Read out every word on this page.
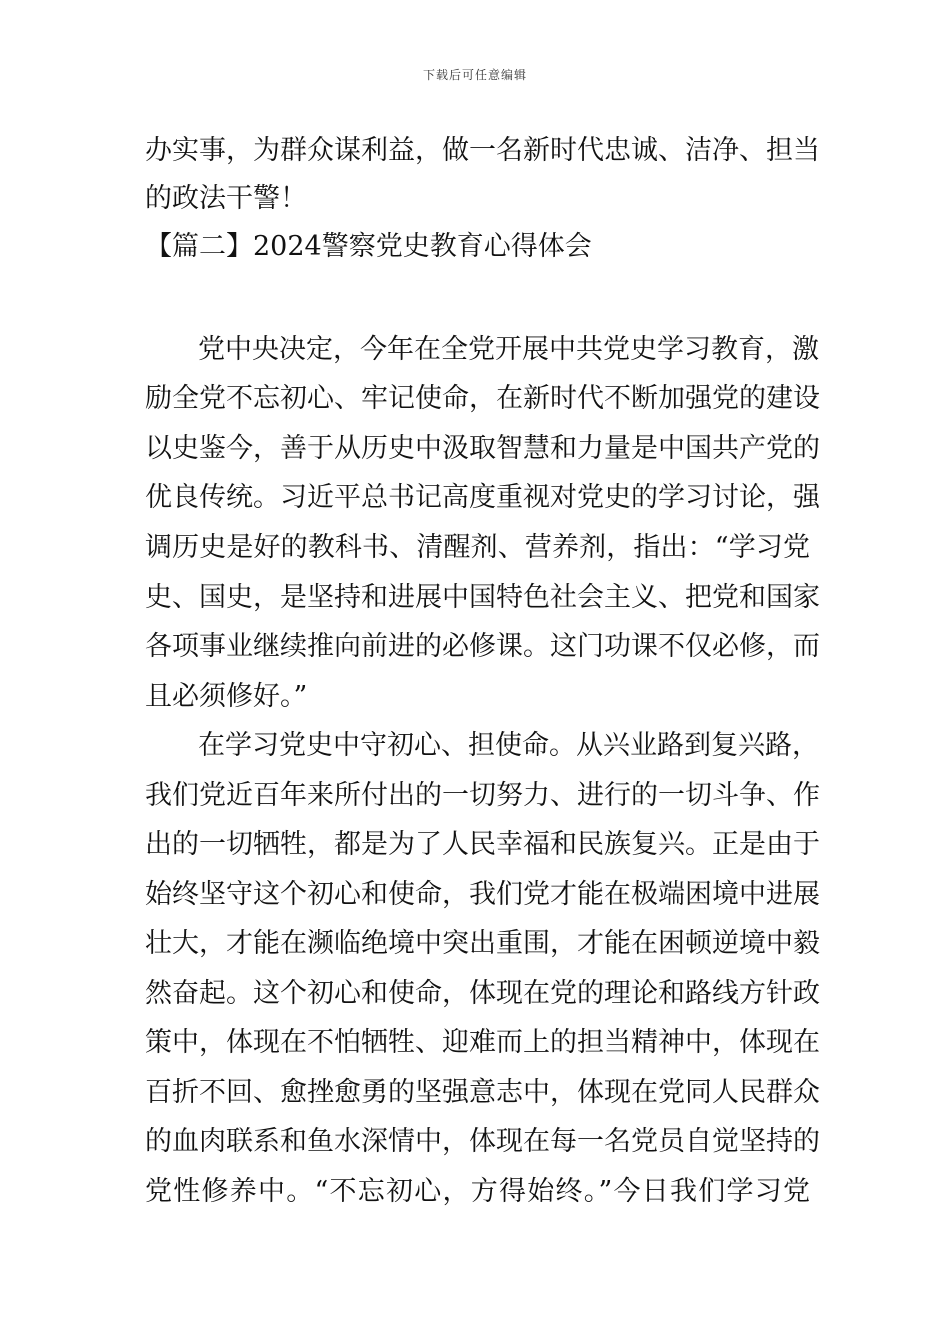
下载后可任意编辑
办实事，为群众谋利益，做一名新时代忠诚、洁净、担当
的政法干警！
【篇二】2024警察党史教育心得体会
党中央决定，今年在全党开展中共党史学习教育，激
励全党不忘初心、牢记使命，在新时代不断加强党的建设
以史鉴今，善于从历史中汲取智慧和力量是中国共产党的
优良传统。习近平总书记高度重视对党史的学习讨论，强
调历史是好的教科书、清醒剂、营养剂，指出：“学习党
史、国史，是坚持和进展中国特色社会主义、把党和国家
各项事业继续推向前进的必修课。这门功课不仅必修，而
且必须修好。”
在学习党史中守初心、担使命。从兴业路到复兴路，
我们党近百年来所付出的一切努力、进行的一切斗争、作
出的一切牺牲，都是为了人民幸福和民族复兴。正是由于
始终坚守这个初心和使命，我们党才能在极端困境中进展
壮大，才能在濒临绝境中突出重围，才能在困顿逆境中毅
然奋起。这个初心和使命，体现在党的理论和路线方针政
策中，体现在不怕牺牲、迎难而上的担当精神中，体现在
百折不回、愈挫愈勇的坚强意志中，体现在党同人民群众
的血肉联系和鱼水深情中，体现在每一名党员自觉坚持的
党性修养中。“不忘初心，方得始终。”今日我们学习党
